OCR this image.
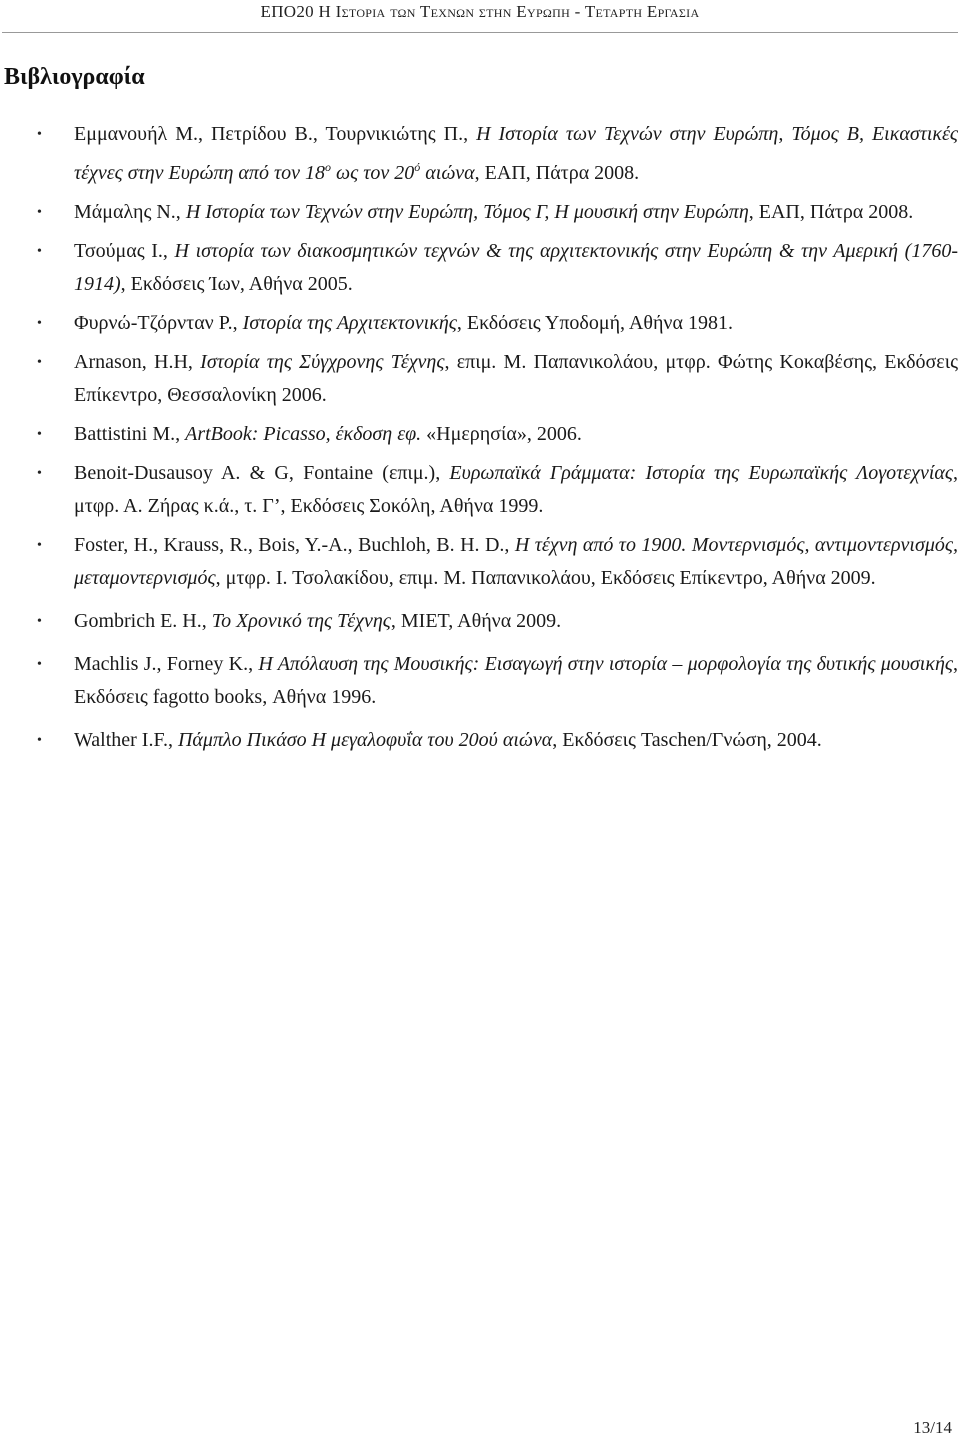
ΕΠΟ20 Η Ιστορια των Τεχνων στην Ευρωπη - Τεταρτη Εργασια
Βιβλιογραφία
• Εμμανουήλ Μ., Πετρίδου Β., Τουρνικιώτης Π., Η Ιστορία των Τεχνών στην Ευρώπη, Τόμος Β, Εικαστικές τέχνες στην Ευρώπη από τον $18^o$ ως τον $20^ό$ αιώνα, ΕΑΠ, Πάτρα 2008.
• Μάμαλης Ν., Η Ιστορία των Τεχνών στην Ευρώπη, Τόμος Γ, Η μουσική στην Ευρώπη, ΕΑΠ, Πάτρα 2008.
• Τσούμας Ι., Η ιστορία των διακοσμητικών τεχνών & της αρχιτεκτονικής στην Ευρώπη & την Αμερική (1760-1914), Εκδόσεις Ίων, Αθήνα 2005.
• Φυρνώ-Τζόρνταν Ρ., Ιστορία της Αρχιτεκτονικής, Εκδόσεις Υποδομή, Αθήνα 1981.
• Arnason, H.H, Ιστορία της Σύγχρονης Τέχνης, επιμ. Μ. Παπανικολάου, μτφρ. Φώτης Κοκαβέσης, Εκδόσεις Επίκεντρο, Θεσσαλονίκη 2006.
• Battistini M., ArtBook: Picasso, έκδοση εφ. «Ημερησία», 2006.
• Benoit-Dusausoy A. & G, Fontaine (επιμ.), Ευρωπαϊκά Γράμματα: Ιστορία της Ευρωπαϊκής Λογοτεχνίας, μτφρ. Α. Ζήρας κ.ά., τ. Γ’, Εκδόσεις Σοκόλη, Αθήνα 1999.
• Foster, H., Krauss, R., Bois, Y.-A., Buchloh, B. H. D., Η τέχνη από το 1900. Μοντερνισμός, αντιμοντερνισμός, μεταμοντερνισμός, μτφρ. Ι. Τσολακίδου, επιμ. Μ. Παπανικολάου, Εκδόσεις Επίκεντρο, Αθήνα 2009.
• Gombrich E. H., Το Χρονικό της Τέχνης, ΜΙΕΤ, Αθήνα 2009.
• Machlis J., Forney K., Η Απόλαυση της Μουσικής: Εισαγωγή στην ιστορία – μορφολογία της δυτικής μουσικής, Εκδόσεις fagotto books, Αθήνα 1996.
• Walther I.F., Πάμπλο Πικάσο Η μεγαλοφυΐα του 20ού αιώνα, Εκδόσεις Taschen/Γνώση, 2004.
13/14
